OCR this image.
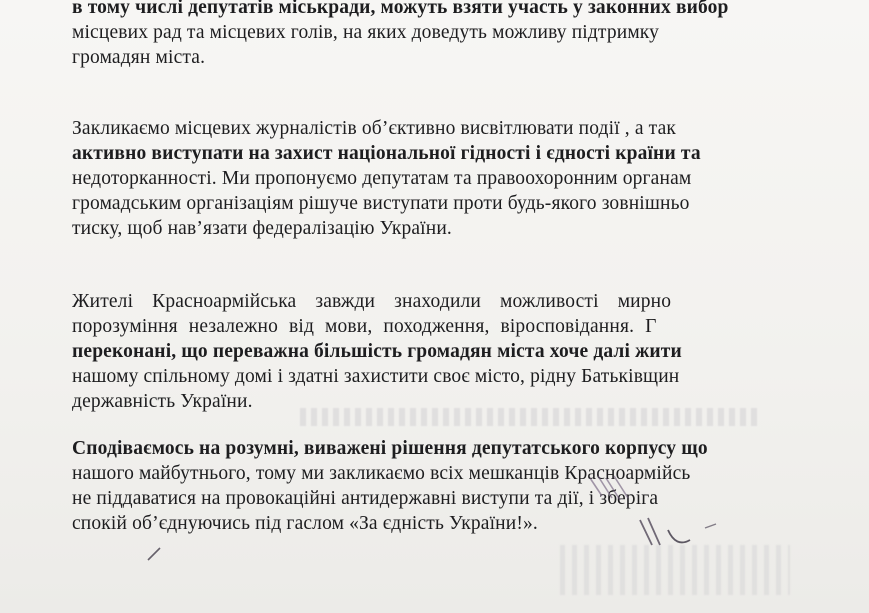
в тому числі депутатів міськради, можуть взяти участь у законних вибор
місцевих рад та місцевих голів, на яких доведуть можливу підтримку
громадян міста.
Закликаємо місцевих журналістів об’єктивно висвітлювати події , а так
активно виступати на захист національної гідності і єдності країни та
недоторканності. Ми пропонуємо депутатам та правоохоронним органам
громадським організаціям рішуче виступати проти будь-якого зовнішньо
тиску, щоб нав’язати федералізацію України.
Жителі Красноармійська завжди знаходили можливості мирно
порозуміння незалежно від мови, походження, віросповідання. Г
переконані, що переважна більшість громадян міста хоче далі жити
нашому спільному домі і здатні захистити своє місто, рідну Батьківщин
державність України.
Сподіваємось на розумні, виважені рішення депутатського корпусу що
нашого майбутнього, тому ми закликаємо всіх мешканців Красноармійсь
не піддаватися на провокаційні антидержавні виступи та дії, і зберіга
спокій об’єднуючись під гаслом «За єдність України!».
